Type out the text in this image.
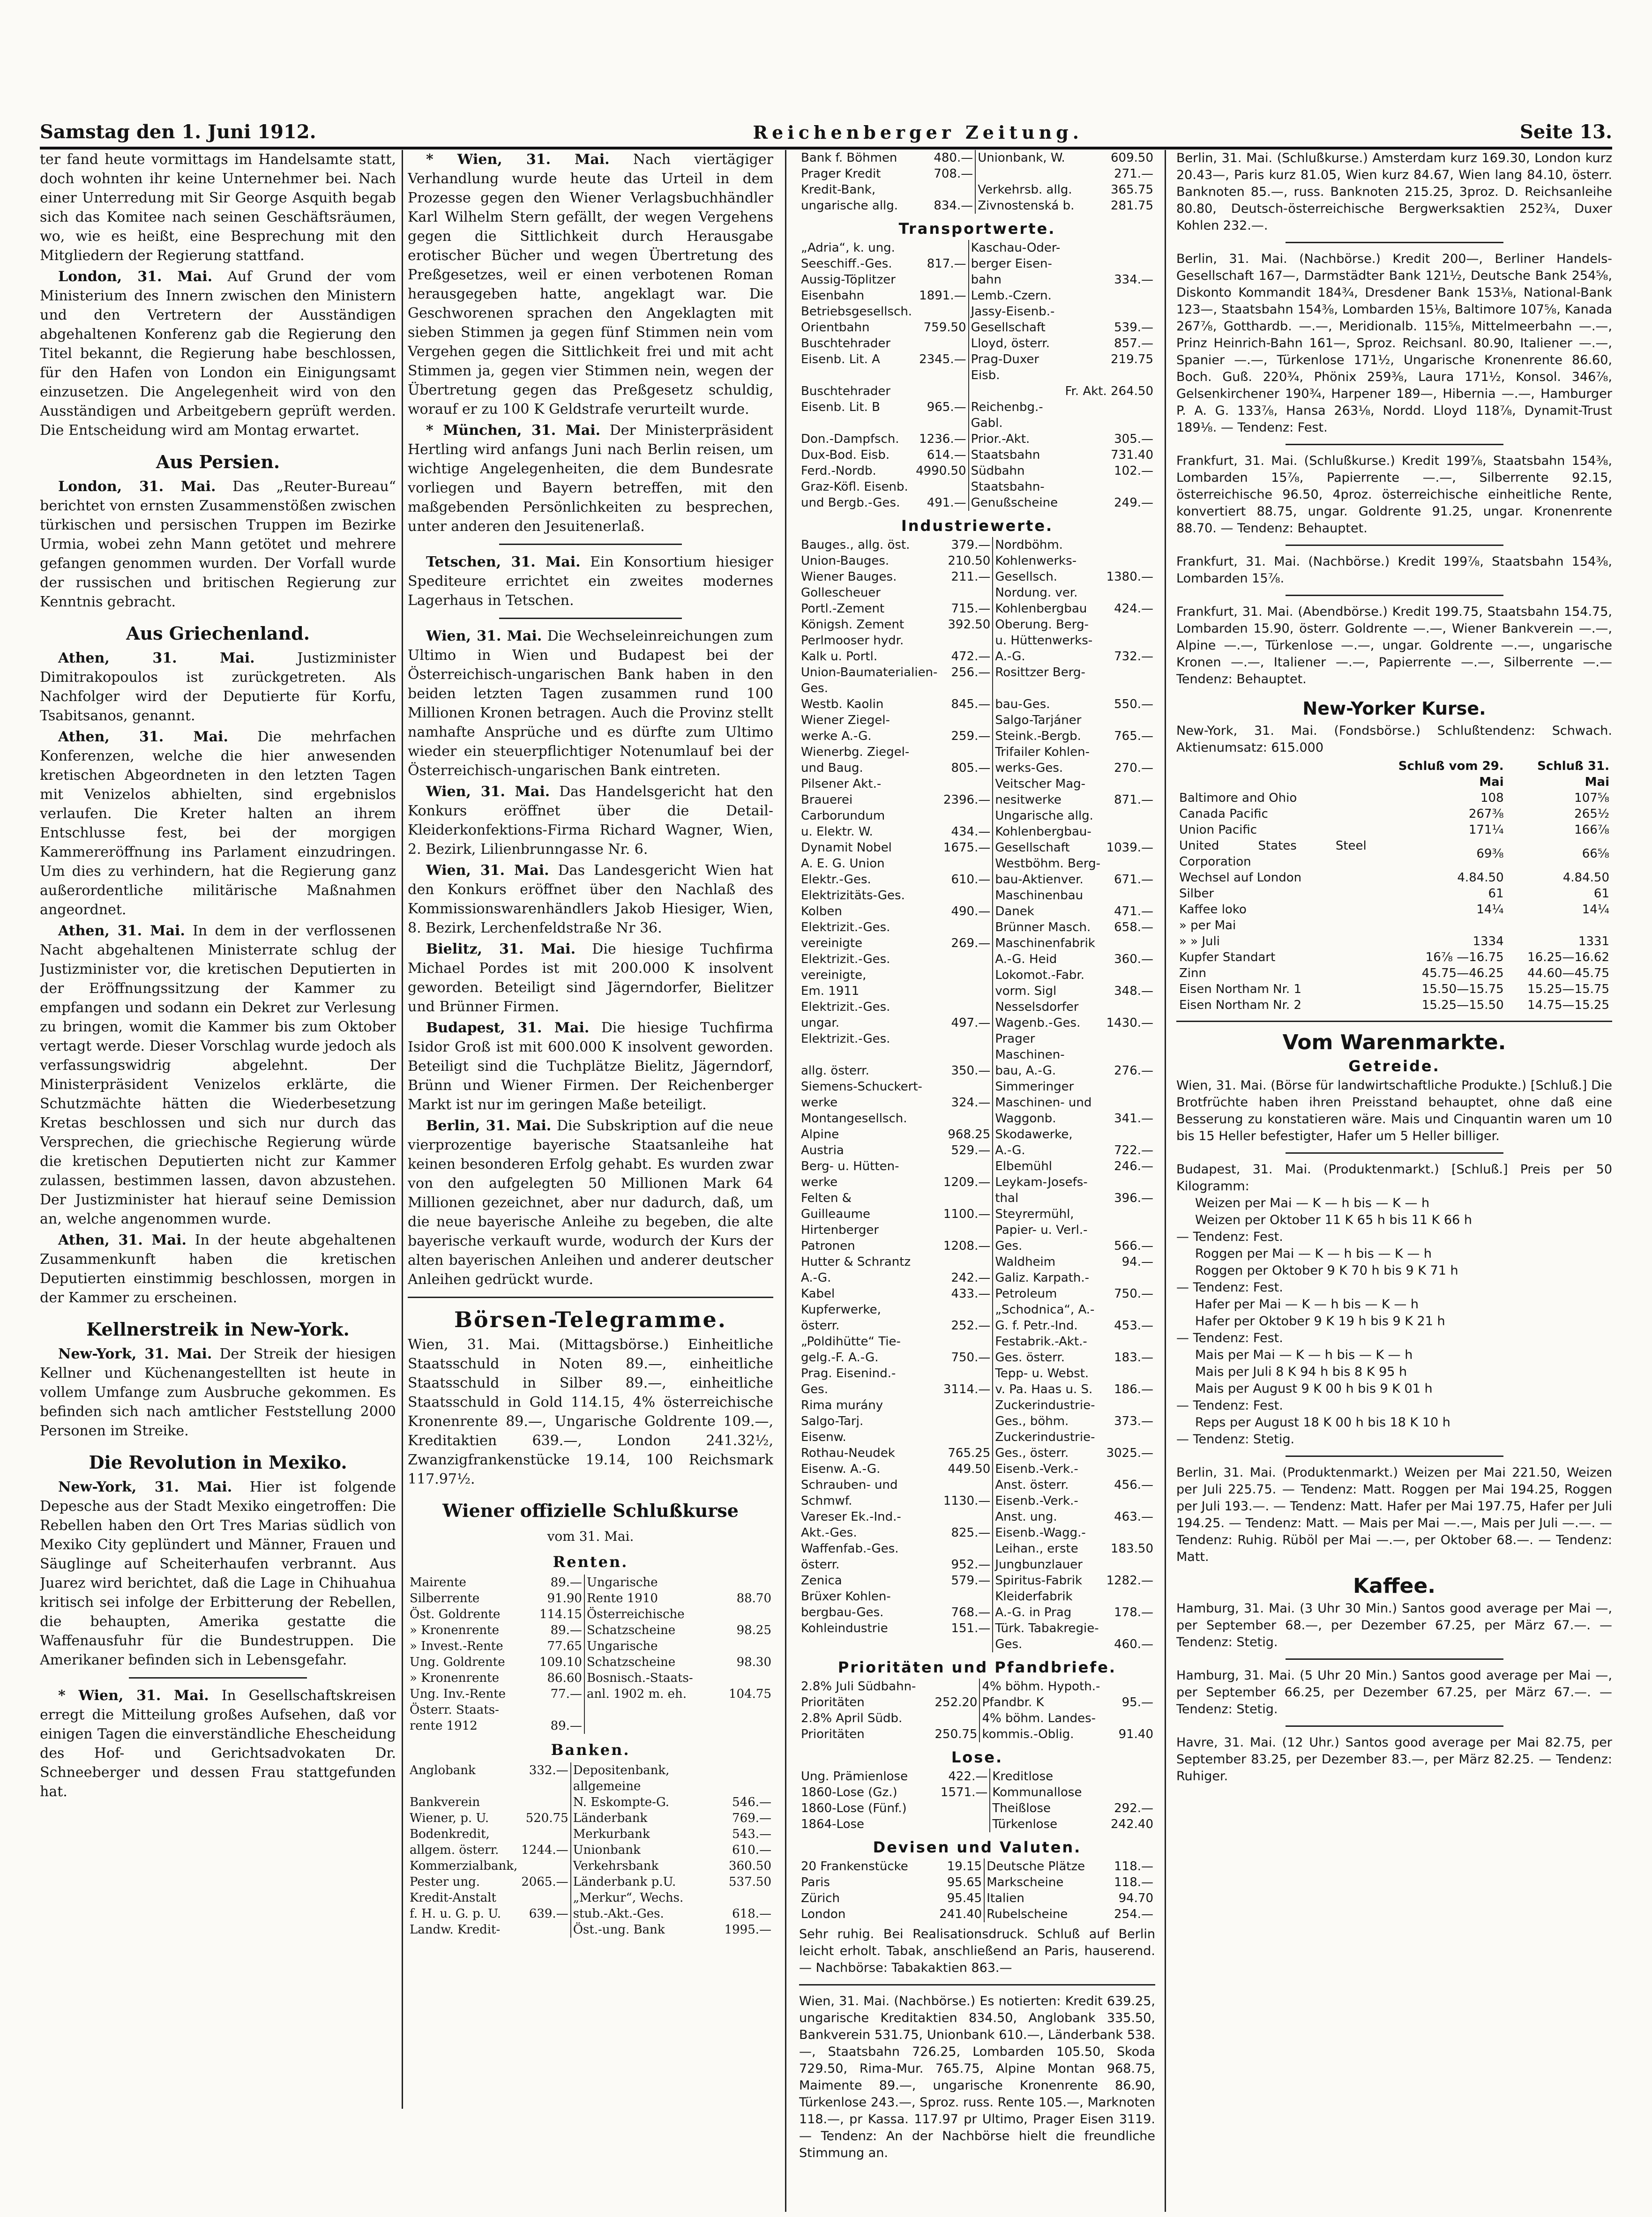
Samstag den 1. Juni 1912.	Reichenberger Zeitung.	Seite 13.

ter fand heute vormittags im Handelsamte statt, doch wohnten ihr keine Unternehmer bei. Nach einer Unterredung mit Sir George Asquith begab sich das Komitee nach seinen Geschäftsräumen, wo, wie es heißt, eine Besprechung mit den Mitgliedern der Regierung stattfand.

London, 31. Mai. Auf Grund der vom Ministerium des Innern zwischen den Ministern und den Vertretern der Ausständigen abgehaltenen Konferenz gab die Regierung den Titel bekannt, die Regierung habe beschlossen, für den Hafen von London ein Einigungsamt einzusetzen. Die Angelegenheit wird von den Ausständigen und Arbeitgebern geprüft werden. Die Entscheidung wird am Montag erwartet.

Aus Persien.

London, 31. Mai. Das „Reuter-Bureau“ berichtet von ernsten Zusammenstößen zwischen türkischen und persischen Truppen im Bezirke Urmia, wobei zehn Mann getötet und mehrere gefangen genommen wurden. Der Vorfall wurde der russischen und britischen Regierung zur Kenntnis gebracht.

Aus Griechenland.

Athen, 31. Mai.	Justizminister Dimitrakopoulos ist zurückgetreten. Als Nachfolger wird der Deputierte für Korfu, Tsabitsanos, genannt.

Athen, 31. Mai. Die mehrfachen Konferenzen, welche die hier anwesenden kretischen Abgeordneten in den letzten Tagen mit Venizelos abhielten, sind ergebnislos verlaufen. Die Kreter halten an ihrem Entschlusse fest, bei der morgigen Kammereröffnung ins Parlament einzudringen. Um dies zu verhindern, hat die Regierung ganz außerordentliche militärische Maßnahmen angeordnet.

Athen, 31. Mai. In dem in der verflossenen Nacht abgehaltenen Ministerrate schlug der Justizminister vor, die kretischen Deputierten in der Eröffnungssitzung der Kammer zu empfangen und sodann ein Dekret zur Verlesung zu bringen, womit die Kammer bis zum Oktober vertagt werde. Dieser Vorschlag wurde jedoch als verfassungswidrig abgelehnt. Der Ministerpräsident Venizelos erklärte, die Schutzmächte hätten die Wiederbesetzung Kretas beschlossen und sich nur durch das Versprechen, die griechische Regierung würde die kretischen Deputierten nicht zur Kammer zulassen, bestimmen lassen, davon abzustehen. Der Justizminister hat hierauf seine Demission an, welche angenommen wurde.

Athen, 31. Mai. In der heute abgehaltenen Zusammenkunft haben die kretischen Deputierten einstimmig beschlossen, morgen in der Kammer zu erscheinen.

Kellnerstreik in New-York.

New-York, 31. Mai. Der Streik der hiesigen Kellner und Küchenangestellten ist heute in vollem Umfange zum Ausbruche gekommen. Es befinden sich nach amtlicher Feststellung 2000 Personen im Streike.

Die Revolution in Mexiko.

New-York, 31. Mai. Hier ist folgende Depesche aus der Stadt Mexiko eingetroffen: Die Rebellen haben den Ort Tres Marias südlich von Mexiko City geplündert und Männer, Frauen und Säuglinge auf Scheiterhaufen verbrannt. Aus Juarez wird berichtet, daß die Lage in Chihuahua kritisch sei infolge der Erbitterung der Rebellen, die behaupten, Amerika gestatte die Waffenausfuhr für die Bundestruppen. Die Amerikaner befinden sich in Lebensgefahr.

* Wien, 31. Mai. In Gesellschaftskreisen erregt die Mitteilung großes Aufsehen, daß vor einigen Tagen die einverständliche Ehescheidung des Hof- und Gerichtsadvokaten Dr. Schneeberger und dessen Frau stattgefunden hat.

* Wien, 31. Mai. Nach viertägiger Verhandlung wurde heute das Urteil in dem Prozesse gegen den Wiener Verlagsbuchhändler Karl Wilhelm Stern gefällt, der wegen Vergehens gegen die Sittlichkeit durch Herausgabe erotischer Bücher und wegen Übertretung des Preßgesetzes, weil er einen verbotenen Roman herausgegeben hatte, angeklagt war. Die Geschworenen sprachen den Angeklagten mit sieben Stimmen ja gegen fünf Stimmen nein vom Vergehen gegen die Sittlichkeit frei und mit acht Stimmen ja, gegen vier Stimmen nein, wegen der Übertretung gegen das Preßgesetz schuldig, worauf er zu 100 K Geldstrafe verurteilt wurde.

* München, 31. Mai. Der Ministerpräsident Hertling wird anfangs Juni nach Berlin reisen, um wichtige Angelegenheiten, die dem Bundesrate vorliegen und Bayern betreffen, mit den maßgebenden Persönlichkeiten zu besprechen, unter anderen den Jesuitenerlaß.

Tetschen, 31. Mai. Ein Konsortium hiesiger Spediteure errichtet ein zweites modernes Lagerhaus in Tetschen.

Wien, 31. Mai. Die Wechseleinreichungen zum Ultimo in Wien und Budapest bei der Österreichisch-ungarischen Bank haben in den beiden letzten Tagen zusammen rund 100 Millionen Kronen betragen. Auch die Provinz stellt namhafte Ansprüche und es dürfte zum Ultimo wieder ein steuerpflichtiger Notenumlauf bei der Österreichisch-ungarischen Bank eintreten.

Wien, 31. Mai. Das Handelsgericht hat den Konkurs eröffnet über die Detail-Kleiderkonfektions-Firma Richard Wagner, Wien, 2. Bezirk, Lilienbrunngasse Nr. 6.

Wien, 31. Mai. Das Landesgericht Wien hat den Konkurs eröffnet über den Nachlaß des Kommissionswarenhändlers Jakob Hiesiger, Wien, 8. Bezirk, Lerchenfeldstraße Nr 36.

Bielitz, 31. Mai. Die hiesige Tuchfirma Michael Pordes ist mit 200.000 K insolvent geworden. Beteiligt sind Jägerndorfer, Bielitzer und Brünner Firmen.

Budapest, 31. Mai. Die hiesige Tuchfirma Isidor Groß ist mit 600.000 K insolvent geworden. Beteiligt sind die Tuchplätze Bielitz, Jägerndorf, Brünn und Wiener Firmen. Der Reichenberger Markt ist nur im geringen Maße beteiligt.

Berlin, 31. Mai. Die Subskription auf die neue vierprozentige bayerische Staatsanleihe hat keinen besonderen Erfolg gehabt. Es wurden zwar von den aufgelegten 50 Millionen Mark 64 Millionen gezeichnet, aber nur dadurch, daß, um die neue bayerische Anleihe zu begeben, die alte bayerische verkauft wurde, wodurch der Kurs der alten bayerischen Anleihen und anderer deutscher Anleihen gedrückt wurde.

Börsen-Telegramme.

Wien, 31. Mai. (Mittagsbörse.) Einheitliche Staatsschuld in Noten 89.—, einheitliche Staatsschuld in Silber 89.—, einheitliche Staatsschuld in Gold 114.15, 4% österreichische Kronenrente 89.—, Ungarische Goldrente 109.—, Kreditaktien 639.—, London 241.32½, Zwanzigfrankenstücke 19.14, 100 Reichsmark 117.97½.

Wiener offizielle Schlußkurse
vom 31. Mai.
Renten.
Mairente	89.—	Ungarische	
Silberrente	91.90	Rente 1910	88.70
Öst. Goldrente	114.15	Österreichische	
» Kronenrente	89.—	Schatzscheine	98.25
» Invest.-Rente	77.65	Ungarische	
Ung. Goldrente	109.10	Schatzscheine	98.30
» Kronenrente	86.60	Bosnisch.-Staats-	
Ung. Inv.-Rente	77.—	anl. 1902 m. eh.	104.75
Österr. Staats-			
rente 1912	89.—		
Banken.
Anglobank	332.—	Depositenbank, allgemeine	
Bankverein		N. Eskompte-G.	546.—
Wiener, p. U.	520.75	Länderbank	769.—
Bodenkredit,		Merkurbank	543.—
allgem. österr.	1244.—	Unionbank	610.—
Kommerzialbank,		Verkehrsbank	360.50
Pester ung.	2065.—	Länderbank p.U.	537.50
Kredit-Anstalt		„Merkur“, Wechs.	
f. H. u. G. p. U.	639.—	stub.-Akt.-Ges.	618.—
Landw. Kredit-		Öst.-ung. Bank	1995.—
Bank f. Böhmen	480.—	Unionbank, W.	609.50
Prager Kredit	708.—		271.—
Kredit-Bank,		Verkehrsb. allg.	365.75
ungarische allg.	834.—	Zivnostenská b.	281.75
Transportwerte.
„Adria“, k. ung.		Kaschau-Oder-	
Seeschiff.-Ges.	817.—	berger Eisen-	
Aussig-Töplitzer		bahn	334.—
Eisenbahn	1891.—	Lemb.-Czern.	
Betriebsgesellsch.		Jassy-Eisenb.-	
Orientbahn	759.50	Gesellschaft	539.—
Buschtehrader		Lloyd, österr.	857.—
Eisenb. Lit. A	2345.—	Prag-Duxer Eisb.	219.75
Buschtehrader			Fr. Akt. 264.50
Eisenb. Lit. B	965.—	Reichenbg.-Gabl.	
Don.-Dampfsch.	1236.—	Prior.-Akt.	305.—
Dux-Bod. Eisb.	614.—	Staatsbahn	731.40
Ferd.-Nordb.	4990.50	Südbahn	102.—
Graz-Köfl. Eisenb.		Staatsbahn-	
und Bergb.-Ges.	491.—	Genußscheine	249.—
Industriewerte.
Bauges., allg. öst.	379.—	Nordböhm.	
Union-Bauges.	210.50	Kohlenwerks-	
Wiener Bauges.	211.—	Gesellsch.	1380.—
Gollescheuer		Nordung. ver.	
Portl.-Zement	715.—	Kohlenbergbau	424.—
Königsh. Zement	392.50	Oberung. Berg-	
Perlmooser hydr.		u. Hüttenwerks-	
Kalk u. Portl.	472.—	A.-G.	732.—
Union-Baumaterialien-Ges.	256.—	Rosittzer Berg-	
Westb. Kaolin	845.—	bau-Ges.	550.—
Wiener Ziegel-		Salgo-Tarjáner	
werke A.-G.	259.—	Steink.-Bergb.	765.—
Wienerbg. Ziegel-		Trifailer Kohlen-	
und Baug.	805.—	werks-Ges.	270.—
Pilsener Akt.-		Veitscher Mag-	
Brauerei	2396.—	nesitwerke	871.—
Carborundum		Ungarische allg.	
u. Elektr. W.	434.—	Kohlenbergbau-	
Dynamit Nobel	1675.—	Gesellschaft	1039.—
A. E. G. Union		Westböhm. Berg-	
Elektr.-Ges.	610.—	bau-Aktienver.	671.—
Elektrizitäts-Ges.		Maschinenbau	
Kolben	490.—	Danek	471.—
Elektrizit.-Ges.		Brünner Masch.	658.—
vereinigte	269.—	Maschinenfabrik	
Elektrizit.-Ges.		A.-G. Heid	360.—
vereinigte,		Lokomot.-Fabr.	
Em. 1911		vorm. Sigl	348.—
Elektrizit.-Ges.		Nesselsdorfer	
ungar.	497.—	Wagenb.-Ges.	1430.—
Elektrizit.-Ges.		Prager Maschinen-	
allg. österr.	350.—	bau, A.-G.	276.—
Siemens-Schuckert-		Simmeringer	
werke	324.—	Maschinen- und	
Montangesellsch.		Waggonb.	341.—
Alpine	968.25	Skodawerke,	
Austria	529.—	A.-G.	722.—
Berg- u. Hütten-		Elbemühl	246.—
werke	1209.—	Leykam-Josefs-	
Felten &		thal	396.—
Guilleaume	1100.—	Steyrermühl,	
Hirtenberger		Papier- u. Verl.-	
Patronen	1208.—	Ges.	566.—
Hutter & Schrantz		Waldheim	94.—
A.-G.	242.—	Galiz. Karpath.-	
Kabel	433.—	Petroleum	750.—
Kupferwerke,		„Schodnica“, A.-	
österr.	252.—	G. f. Petr.-Ind.	453.—
„Poldihütte“ Tie-		Festabrik.-Akt.-	
gelg.-F. A.-G.	750.—	Ges. österr.	183.—
Prag. Eisenind.-		Tepp- u. Webst.	
Ges.	3114.—	v. Pa. Haas u. S.	186.—
Rima murány		Zuckerindustrie-	
Salgo-Tarj.		Ges., böhm.	373.—
Eisenw.		Zuckerindustrie-	
Rothau-Neudek	765.25	Ges., österr.	3025.—
Eisenw. A.-G.	449.50	Eisenb.-Verk.-	
Schrauben- und		Anst. österr.	456.—
Schmwf.	1130.—	Eisenb.-Verk.-	
Vareser Ek.-Ind.-		Anst. ung.	463.—
Akt.-Ges.	825.—	Eisenb.-Wagg.-	
Waffenfab.-Ges.		Leihan., erste	183.50
österr.	952.—	Jungbunzlauer	
Zenica	579.—	Spiritus-Fabrik	1282.—
Brüxer Kohlen-		Kleiderfabrik	
bergbau-Ges.	768.—	A.-G. in Prag	178.—
Kohleindustrie	151.—	Türk. Tabakregie-	
		Ges.	460.—
Prioritäten und Pfandbriefe.
2.8% Juli Südbahn-		4% böhm. Hypoth.-	
Prioritäten	252.20	Pfandbr. K	95.—
2.8% April Südb.		4% böhm. Landes-	
Prioritäten	250.75	kommis.-Oblig.	91.40
Lose.
Ung. Prämienlose	422.—	Kreditlose	
1860-Lose (Gz.)	1571.—	Kommunallose	
1860-Lose (Fünf.)		Theißlose	292.—
1864-Lose		Türkenlose	242.40
Devisen und Valuten.
20 Frankenstücke	19.15	Deutsche Plätze	118.—
Paris	95.65	Markscheine	118.—
Zürich	95.45	Italien	94.70
London	241.40	Rubelscheine	254.—

Sehr ruhig. Bei Realisationsdruck. Schluß auf Berlin leicht erholt. Tabak, anschließend an Paris, hauserend. — Nachbörse: Tabakaktien 863.—

Wien, 31. Mai. (Nachbörse.) Es notierten: Kredit 639.25, ungarische Kreditaktien 834.50, Anglobank 335.50, Bankverein 531.75, Unionbank 610.—, Länderbank 538.—, Staatsbahn 726.25, Lombarden 105.50, Skoda 729.50, Rima-Mur. 765.75, Alpine Montan 968.75, Maimente 89.—, ungarische Kronenrente 86.90, Türkenlose 243.—, Sproz. russ. Rente 105.—, Marknoten 118.—, pr Kassa. 117.97 pr Ultimo, Prager Eisen 3119.— Tendenz: An der Nachbörse hielt die freundliche Stimmung an.

Berlin, 31. Mai. (Schlußkurse.) Amsterdam kurz 169.30, London kurz 20.43—, Paris kurz 81.05, Wien kurz 84.67, Wien lang 84.10, österr. Banknoten 85.—, russ. Banknoten 215.25, 3proz. D. Reichsanleihe 80.80, Deutsch-österreichische Bergwerksaktien 252¾, Duxer Kohlen 232.—.

Berlin, 31. Mai. (Nachbörse.) Kredit 200—, Berliner Handels-Gesellschaft 167—, Darmstädter Bank 121½, Deutsche Bank 254⅝, Diskonto Kommandit 184¾, Dresdener Bank 153⅛, National-Bank 123—, Staatsbahn 154⅜, Lombarden 15⅛, Baltimore 107⅝, Kanada 267⅞, Gotthardb. —.—, Meridionalb. 115⅝, Mittelmeerbahn —.—, Prinz Heinrich-Bahn 161—, Sproz. Reichsanl. 80.90, Italiener —.—, Spanier —.—, Türkenlose 171½, Ungarische Kronenrente 86.60, Boch. Guß. 220¾, Phönix 259⅜, Laura 171½, Konsol. 346⅞, Gelsenkirchener 190¾, Harpener 189—, Hibernia —.—, Hamburger P. A. G. 133⅞, Hansa 263⅛, Nordd. Lloyd 118⅞, Dynamit-Trust 189⅛. — Tendenz: Fest.

Frankfurt, 31. Mai. (Schlußkurse.) Kredit 199⅞, Staatsbahn 154⅜, Lombarden 15⅞, Papierrente —.—, Silberrente 92.15, österreichische 96.50, 4proz. österreichische einheitliche Rente, konvertiert 88.75, ungar. Goldrente 91.25, ungar. Kronenrente 88.70. — Tendenz: Behauptet.

Frankfurt, 31. Mai. (Nachbörse.) Kredit 199⅞, Staatsbahn 154⅜, Lombarden 15⅞.

Frankfurt, 31. Mai. (Abendbörse.) Kredit 199.75, Staatsbahn 154.75, Lombarden 15.90, österr. Goldrente —.—, Wiener Bankverein —.—, Alpine —.—, Türkenlose —.—, ungar. Goldrente —.—, ungarische Kronen —.—, Italiener —.—, Papierrente —.—, Silberrente —.— Tendenz: Behauptet.

New-Yorker Kurse.

New-York, 31. Mai. (Fondsbörse.) Schlußtendenz: Schwach. Aktienumsatz: 615.000

	Schluß vom 29. Mai	Schluß 31. Mai
Baltimore and Ohio	108	107⅝
Canada Pacific	267⅜	265½
Union Pacific	171¼	166⅞
United States Steel Corporation	69⅜	66⅝
Wechsel auf London	4.84.50	4.84.50
Silber	61	61
Kaffee loko	14¼	14¼
» per Mai		
» » Juli	1334	1331
Kupfer Standart	16⅞ —16.75	16.25—16.62
Zinn	45.75—46.25	44.60—45.75
Eisen Northam Nr. 1	15.50—15.75	15.25—15.75
Eisen Northam Nr. 2	15.25—15.50	14.75—15.25
Vom Warenmarkte.
Getreide.

Wien, 31. Mai. (Börse für landwirtschaftliche Produkte.) [Schluß.] Die Brotfrüchte haben ihren Preisstand behauptet, ohne daß eine Besserung zu konstatieren wäre. Mais und Cinquantin waren um 10 bis 15 Heller befestigter, Hafer um 5 Heller billiger.

Budapest, 31. Mai. (Produktenmarkt.) [Schluß.] Preis per 50 Kilogramm:
Weizen per Mai — K — h bis — K — h
Weizen per Oktober 11 K 65 h bis 11 K 66 h
— Tendenz: Fest.
Roggen per Mai — K — h bis — K — h
Roggen per Oktober 9 K 70 h bis 9 K 71 h
— Tendenz: Fest.
Hafer per Mai — K — h bis — K — h
Hafer per Oktober 9 K 19 h bis 9 K 21 h
— Tendenz: Fest.
Mais per Mai — K — h bis — K — h
Mais per Juli 8 K 94 h bis 8 K 95 h
Mais per August 9 K 00 h bis 9 K 01 h
— Tendenz: Fest.
Reps per August 18 K 00 h bis 18 K 10 h
— Tendenz: Stetig.

Berlin, 31. Mai. (Produktenmarkt.) Weizen per Mai 221.50, Weizen per Juli 225.75. — Tendenz: Matt. Roggen per Mai 194.25, Roggen per Juli 193.—. — Tendenz: Matt. Hafer per Mai 197.75, Hafer per Juli 194.25. — Tendenz: Matt. — Mais per Mai —.—, Mais per Juli —.—. — Tendenz: Ruhig. Rüböl per Mai —.—, per Oktober 68.—. — Tendenz: Matt.

Kaffee.

Hamburg, 31. Mai. (3 Uhr 30 Min.) Santos good average per Mai —, per September 68.—, per Dezember 67.25, per März 67.—. — Tendenz: Stetig.

Hamburg, 31. Mai. (5 Uhr 20 Min.) Santos good average per Mai —, per September 66.25, per Dezember 67.25, per März 67.—. — Tendenz: Stetig.

Havre, 31. Mai. (12 Uhr.) Santos good average per Mai 82.75, per September 83.25, per Dezember 83.—, per März 82.25. — Tendenz: Ruhiger.
